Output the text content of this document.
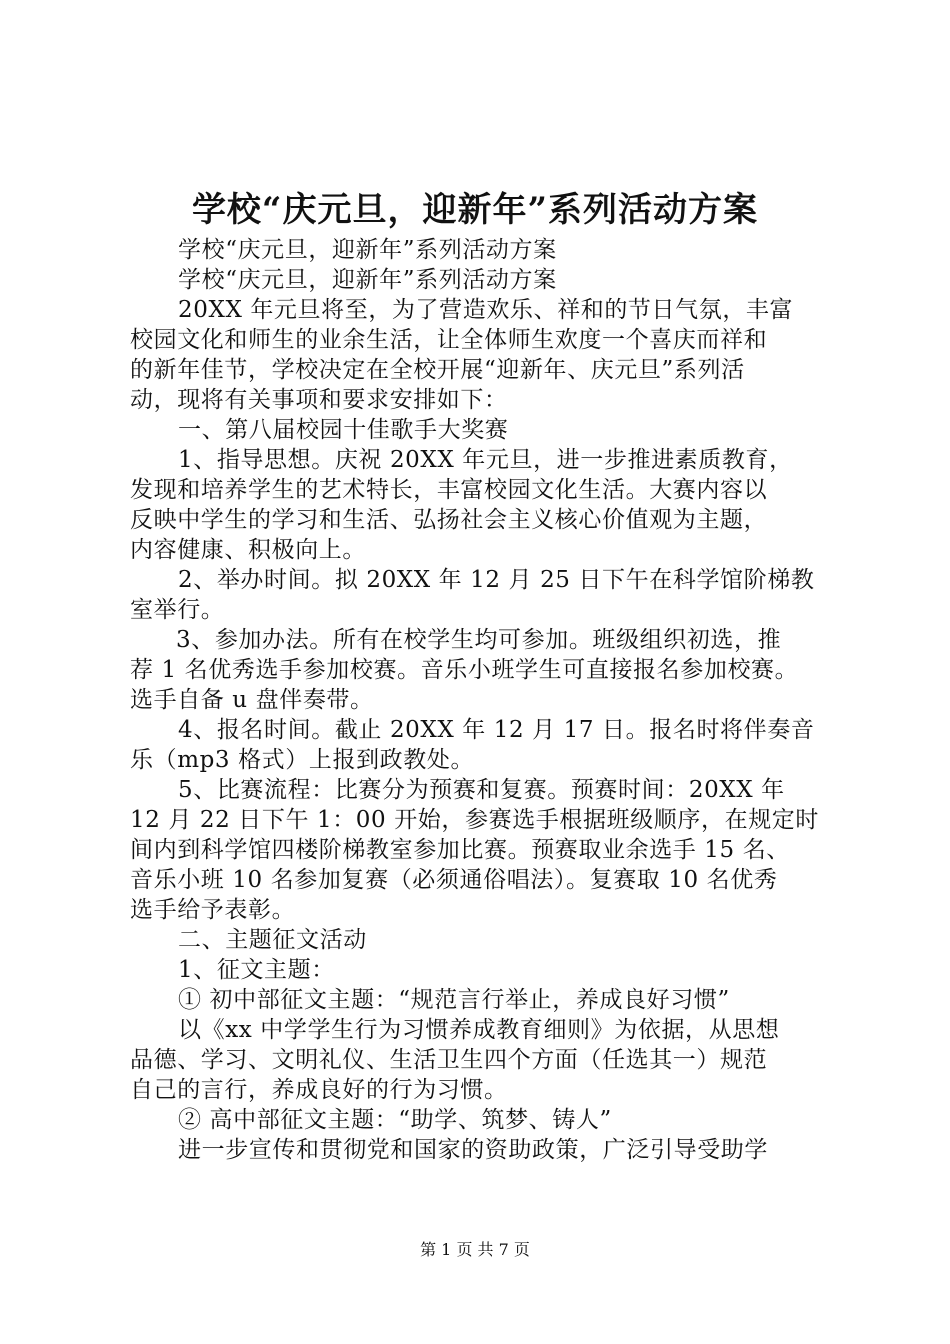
学校“庆元旦，迎新年”系列活动方案
学校“庆元旦，迎新年”系列活动方案
学校“庆元旦，迎新年”系列活动方案
20XX 年元旦将至，为了营造欢乐、祥和的节日气氛，丰富
校园文化和师生的业余生活，让全体师生欢度一个喜庆而祥和
的新年佳节，学校决定在全校开展“迎新年、庆元旦”系列活
动，现将有关事项和要求安排如下：
一、第八届校园十佳歌手大奖赛
1、指导思想。庆祝 20XX 年元旦，进一步推进素质教育，
发现和培养学生的艺术特长，丰富校园文化生活。大赛内容以
反映中学生的学习和生活、弘扬社会主义核心价值观为主题，
内容健康、积极向上。
2、举办时间。拟 20XX 年 12 月 25 日下午在科学馆阶梯教
室举行。
3、参加办法。所有在校学生均可参加。班级组织初选，推
荐 1 名优秀选手参加校赛。音乐小班学生可直接报名参加校赛。
选手自备 u 盘伴奏带。
4、报名时间。截止 20XX 年 12 月 17 日。报名时将伴奏音
乐（mp3 格式）上报到政教处。
5、比赛流程：比赛分为预赛和复赛。预赛时间：20XX 年
12 月 22 日下午 1：00 开始，参赛选手根据班级顺序，在规定时
间内到科学馆四楼阶梯教室参加比赛。预赛取业余选手 15 名、
音乐小班 10 名参加复赛（必须通俗唱法）。复赛取 10 名优秀
选手给予表彰。
二、主题征文活动
1、征文主题：
① 初中部征文主题：“规范言行举止，养成良好习惯”
以《xx 中学学生行为习惯养成教育细则》为依据，从思想
品德、学习、文明礼仪、生活卫生四个方面（任选其一）规范
自己的言行，养成良好的行为习惯。
② 高中部征文主题：“助学、筑梦、铸人”
进一步宣传和贯彻党和国家的资助政策，广泛引导受助学
第 1 页 共 7 页
